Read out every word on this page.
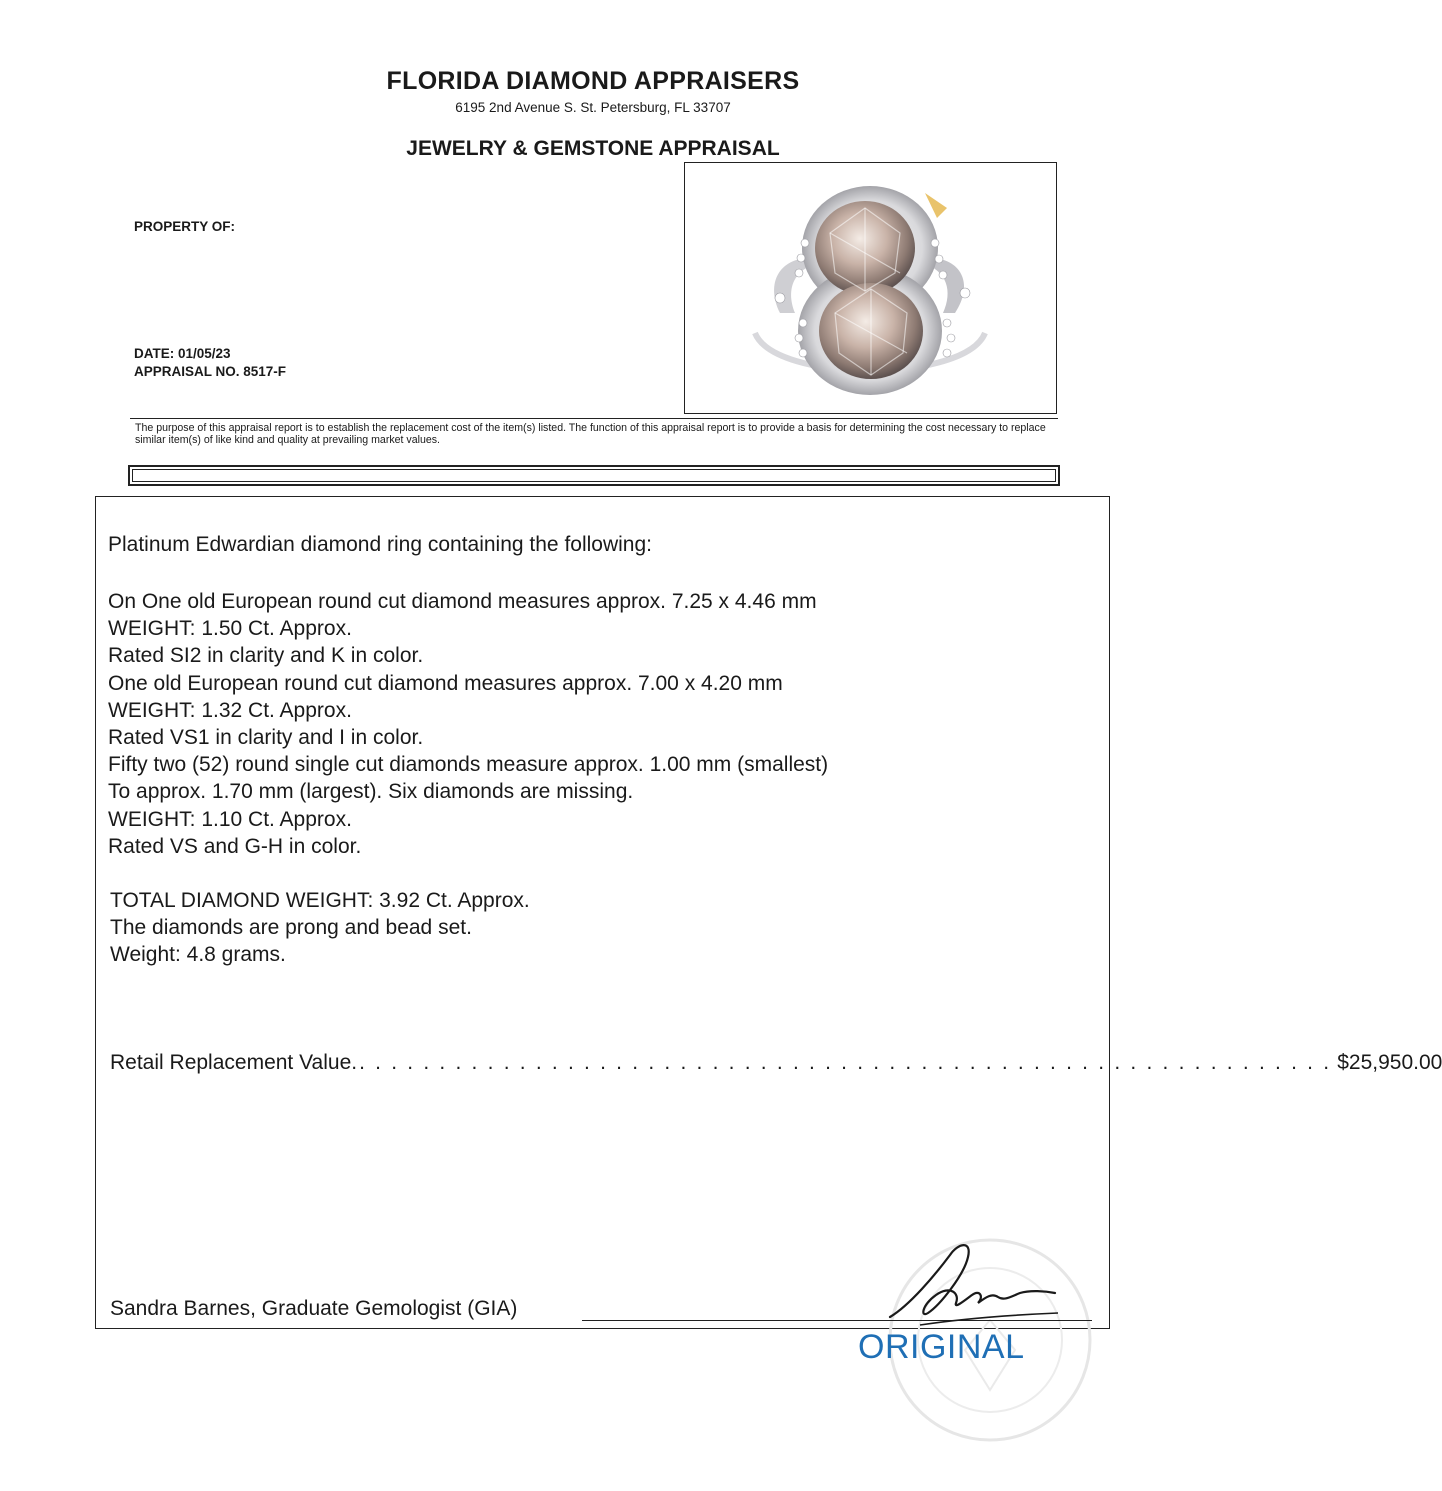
FLORIDA DIAMOND APPRAISERS
6195 2nd Avenue S. St. Petersburg, FL 33707
JEWELRY & GEMSTONE APPRAISAL
PROPERTY OF:
DATE: 01/05/23
APPRAISAL NO. 8517-F
The purpose of this appraisal report is to establish the replacement cost of the item(s) listed. The function of this appraisal report is to provide a basis for determining the cost necessary to replace similar item(s) of like kind and quality at prevailing market values.
Platinum Edwardian diamond ring containing the following:
On One old European round cut diamond measures approx. 7.25 x 4.46 mm
WEIGHT: 1.50 Ct. Approx.
Rated SI2 in clarity and K in color.
One old European round cut diamond measures approx. 7.00 x 4.20 mm
WEIGHT: 1.32 Ct. Approx.
Rated VS1 in clarity and I in color.
Fifty two (52) round single cut diamonds measure approx. 1.00 mm (smallest)
To approx. 1.70 mm (largest). Six diamonds are missing.
WEIGHT: 1.10 Ct. Approx.
Rated VS and G-H in color.
TOTAL DIAMOND WEIGHT: 3.92 Ct. Approx.
The diamonds are prong and bead set.
Weight: 4.8 grams.
Retail Replacement Value. . . . . . . . . . . . . . . . . . . . . . . . . . . . . . . . . . . . . . . . . . . . . . . . . . . . . . . . . . . . . . $25,950.00
Sandra Barnes, Graduate Gemologist (GIA)
ORIGINAL
